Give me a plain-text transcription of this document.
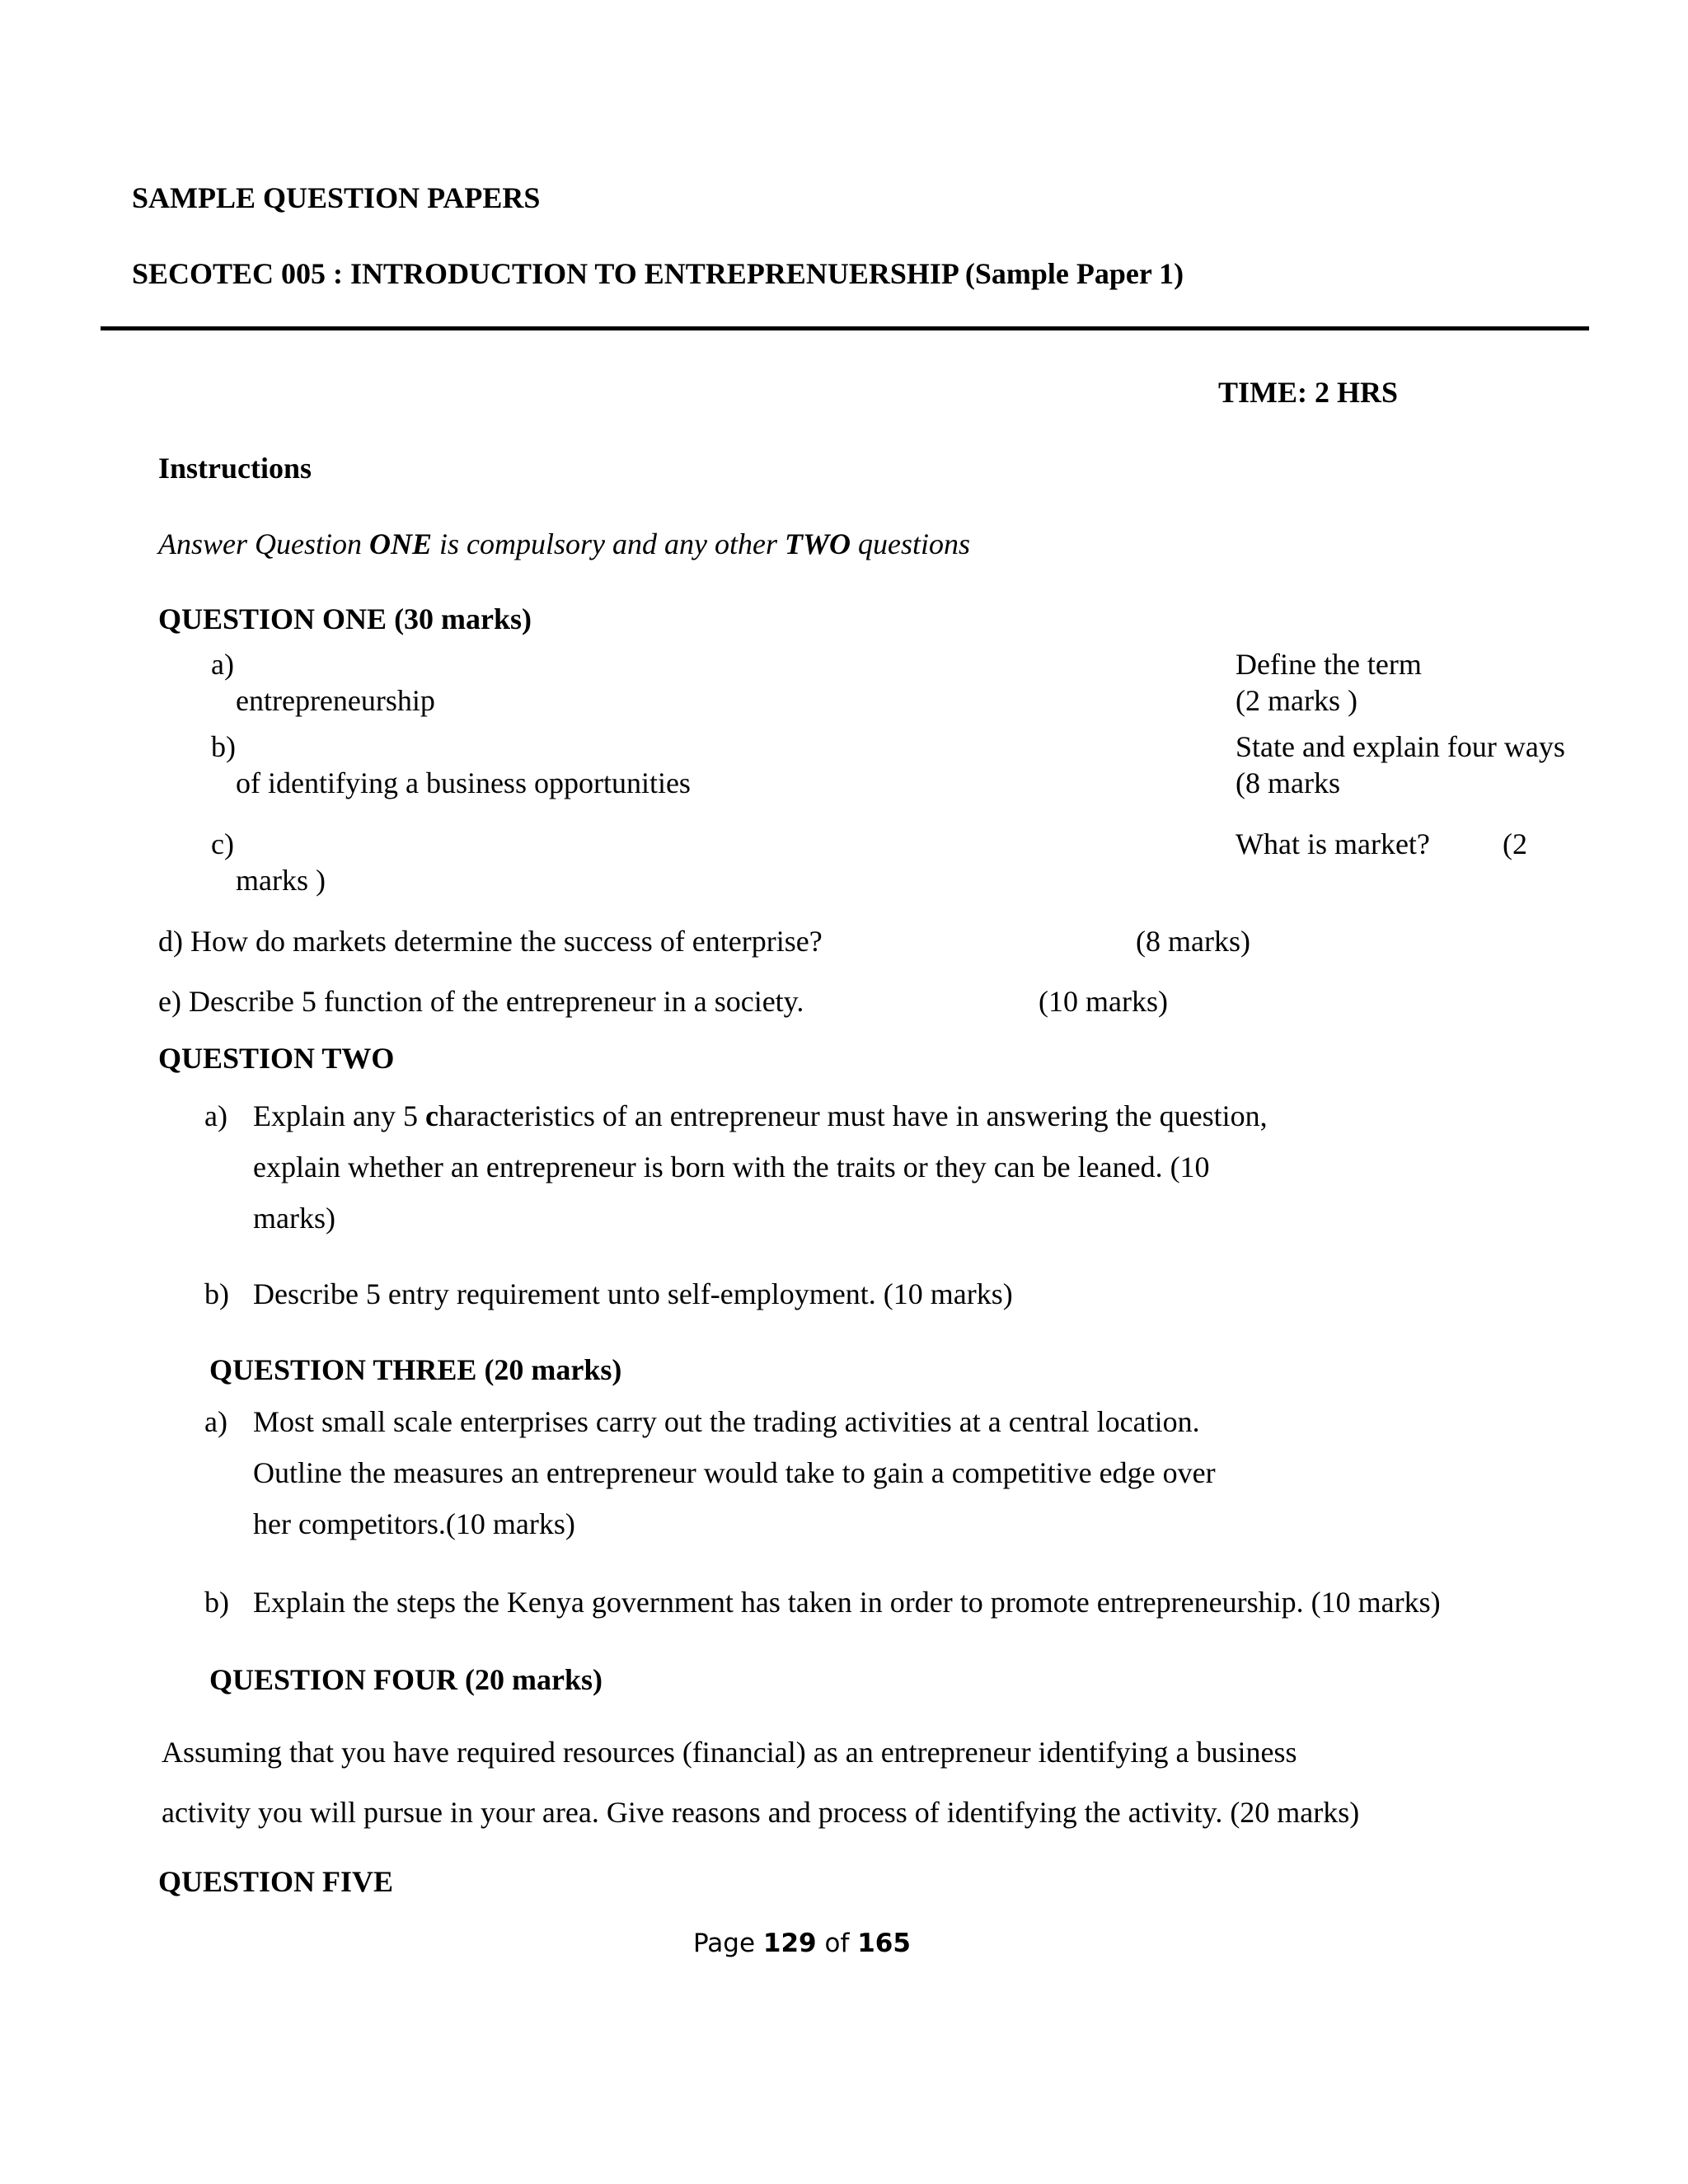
SAMPLE QUESTION PAPERS
SECOTEC 005 : INTRODUCTION TO ENTREPRENUERSHIP (Sample Paper 1)
TIME: 2 HRS
Instructions
Answer Question ONE is compulsory and any other TWO questions
QUESTION ONE (30 marks)
a)	Define the term
entrepreneurship	(2 marks )
b)	State and explain four ways
of identifying a business opportunities	(8 marks
c)	What is market? (2
marks )
d) How do markets determine the success of enterprise?	(8 marks)
e) Describe 5 function of the entrepreneur in a society.	(10 marks)
QUESTION TWO
a) Explain any 5 characteristics of an entrepreneur must have in answering the question,
explain whether an entrepreneur is born with the traits or they can be leaned. (10
marks)
b) Describe 5 entry requirement unto self-employment. (10 marks)
QUESTION THREE (20 marks)
a) Most small scale enterprises carry out the trading activities at a central location.
Outline the measures an entrepreneur would take to gain a competitive edge over
her competitors.(10 marks)
b) Explain the steps the Kenya government has taken in order to promote entrepreneurship. (10 marks)
QUESTION FOUR (20 marks)
Assuming that you have required resources (financial) as an entrepreneur identifying a business
activity you will pursue in your area. Give reasons and process of identifying the activity. (20 marks)
QUESTION FIVE
Page 129 of 165
